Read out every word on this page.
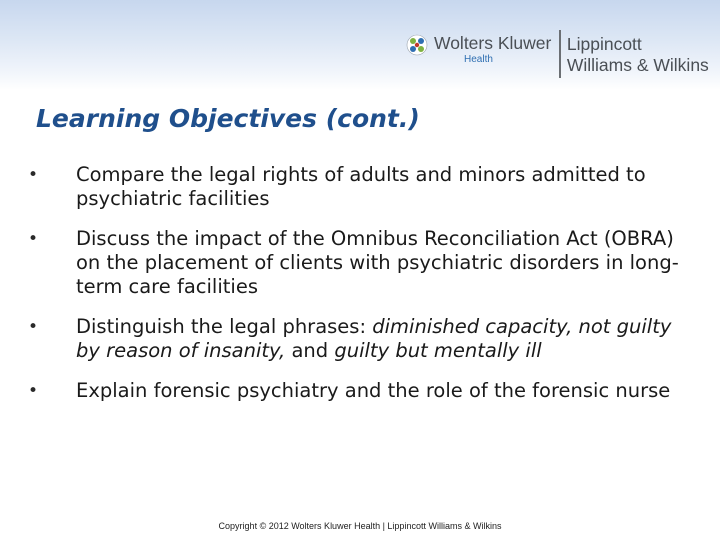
Wolters Kluwer
Health
Lippincott
Williams & Wilkins
Learning Objectives (cont.)
• Compare the legal rights of adults and minors admitted to psychiatric facilities
• Discuss the impact of the Omnibus Reconciliation Act (OBRA) on the placement of clients with psychiatric disorders in long-term care facilities
• Distinguish the legal phrases: diminished capacity, not guilty by reason of insanity, and guilty but mentally ill
• Explain forensic psychiatry and the role of the forensic nurse

Copyright © 2012 Wolters Kluwer Health | Lippincott Williams & Wilkins
